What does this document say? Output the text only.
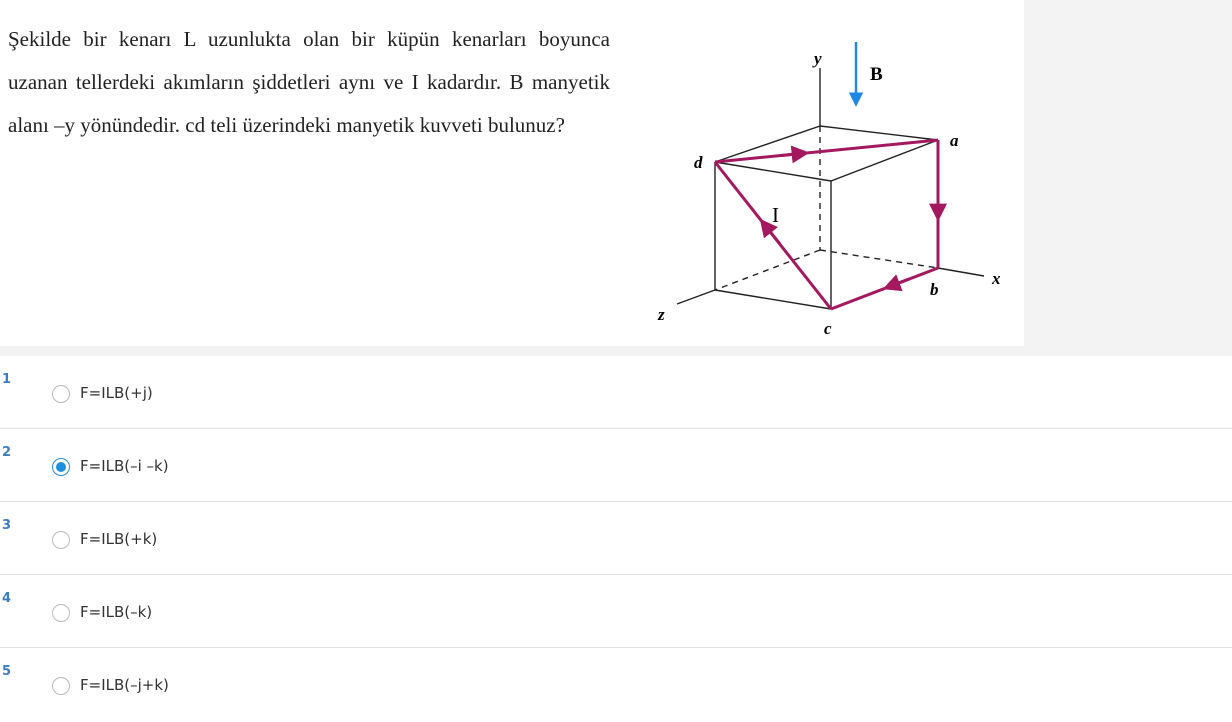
Şekilde bir kenarı L uzunlukta olan bir küpün kenarları boyunca uzanan tellerdeki akımların şiddetleri aynı ve I kadardır. B manyetik alanı –y yönündedir. cd teli üzerindeki manyetik kuvveti bulunuz?

y
x
z
a
b
c
d
B
I
1
F=ILB(+j)
2
F=ILB(–i –k)
3
F=ILB(+k)
4
F=ILB(–k)
5
F=ILB(–j+k)
